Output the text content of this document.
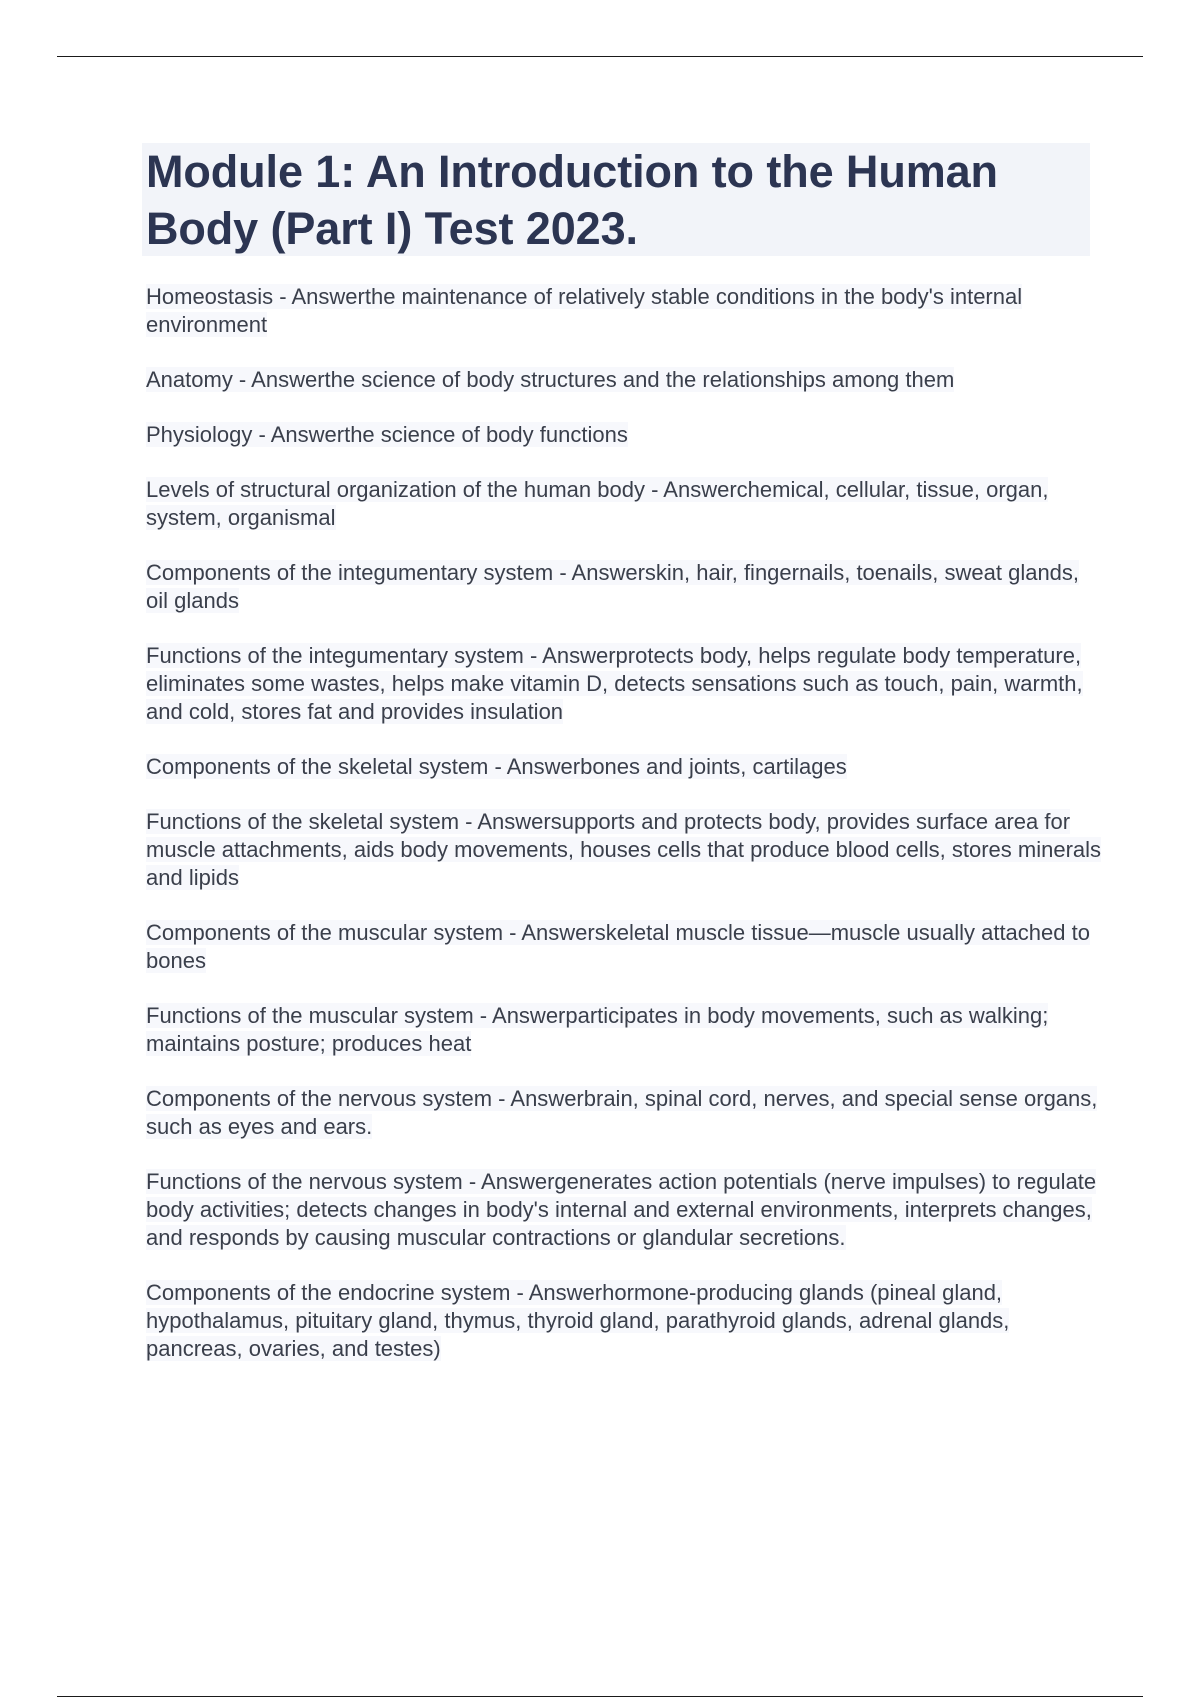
Module 1: An Introduction to the Human Body (Part I) Test 2023.
Homeostasis - Answerthe maintenance of relatively stable conditions in the body's internal environment
Anatomy - Answerthe science of body structures and the relationships among them
Physiology - Answerthe science of body functions
Levels of structural organization of the human body - Answerchemical, cellular, tissue, organ, system, organismal
Components of the integumentary system - Answerskin, hair, fingernails, toenails, sweat glands, oil glands
Functions of the integumentary system - Answerprotects body, helps regulate body temperature, eliminates some wastes, helps make vitamin D, detects sensations such as touch, pain, warmth, and cold, stores fat and provides insulation
Components of the skeletal system - Answerbones and joints, cartilages
Functions of the skeletal system - Answersupports and protects body, provides surface area for muscle attachments, aids body movements, houses cells that produce blood cells, stores minerals and lipids
Components of the muscular system - Answerskeletal muscle tissue—muscle usually attached to bones
Functions of the muscular system - Answerparticipates in body movements, such as walking; maintains posture; produces heat
Components of the nervous system - Answerbrain, spinal cord, nerves, and special sense organs, such as eyes and ears.
Functions of the nervous system - Answergenerates action potentials (nerve impulses) to regulate body activities; detects changes in body's internal and external environments, interprets changes, and responds by causing muscular contractions or glandular secretions.
Components of the endocrine system - Answerhormone-producing glands (pineal gland, hypothalamus, pituitary gland, thymus, thyroid gland, parathyroid glands, adrenal glands, pancreas, ovaries, and testes)
